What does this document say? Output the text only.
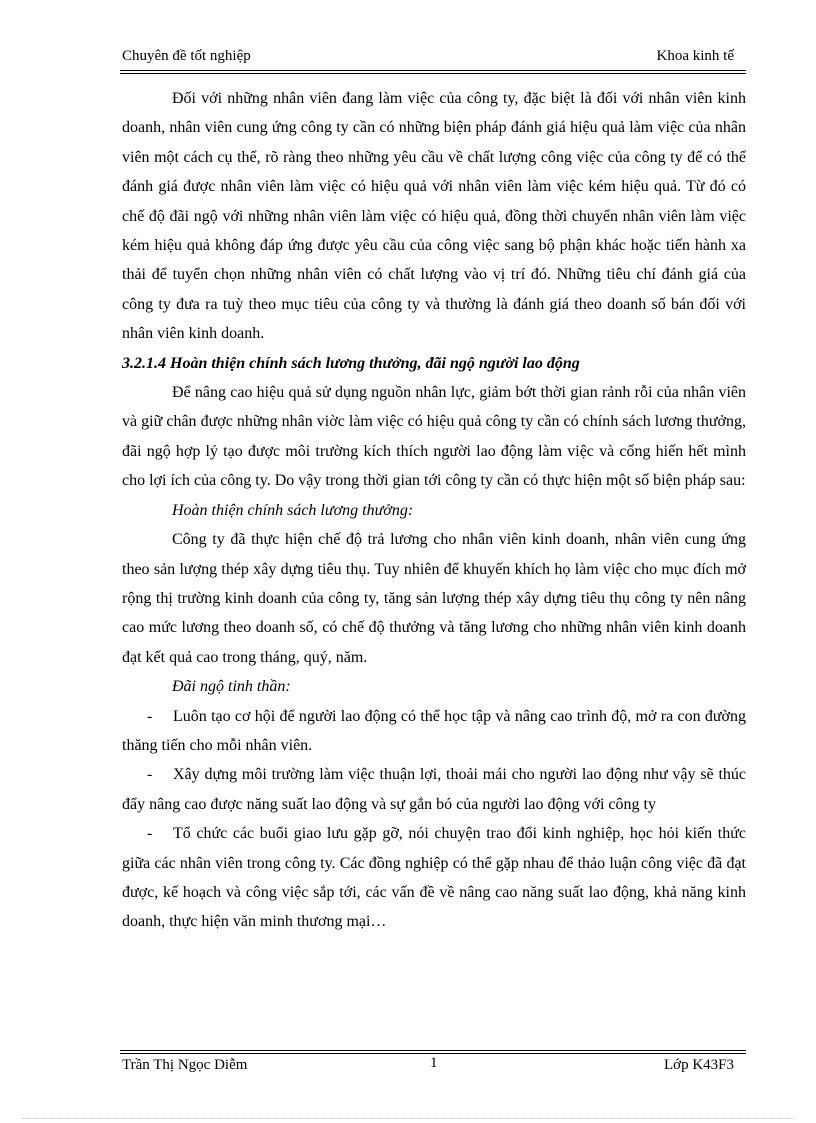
Chuyên đề tốt nghiệp	Khoa kinh tế

Đối với những nhân viên đang làm việc của công ty, đặc biệt là đối với nhân viên kinh doanh, nhân viên cung ứng công ty cần có những biện pháp đánh giá hiệu quả làm việc của nhân viên một cách cụ thể, rõ ràng theo những yêu cầu về chất lượng công việc của công ty để có thể đánh giá được nhân viên làm việc có hiệu quả với nhân viên làm việc kém hiệu quả. Từ đó có chế độ đãi ngộ với những nhân viên làm việc có hiệu quả, đồng thời chuyển nhân viên làm việc kém hiệu quả không đáp ứng được yêu cầu của công việc sang bộ phận khác hoặc tiến hành xa thải để tuyển chọn những nhân viên có chất lượng vào vị trí đó. Những tiêu chí đánh giá của công ty đưa ra tuỳ theo mục tiêu của công ty và thường là đánh giá theo doanh số bán đối với nhân viên kinh doanh.

3.2.1.4 Hoàn thiện chính sách lương thưởng, đãi ngộ người lao động

Để nâng cao hiệu quả sử dụng nguồn nhân lực, giảm bớt thời gian rảnh rỗi của nhân viên và giữ chân được những nhân viờc làm việc có hiệu quả công ty cần có chính sách lương thưởng, đãi ngộ hợp lý tạo được môi trường kích thích người lao động làm việc và cống hiến hết mình cho lợi ích của công ty. Do vậy trong thời gian tới công ty cần có thực hiện một số biện pháp sau:

Hoàn thiện chính sách lương thưởng:

Công ty đã thực hiện chế độ trả lương cho nhân viên kinh doanh, nhân viên cung ứng theo sản lượng thép xây dựng tiêu thụ. Tuy nhiên để khuyến khích họ làm việc cho mục đích mở rộng thị trường kinh doanh của công ty, tăng sản lượng thép xây dựng tiêu thụ công ty nên nâng cao mức lương theo doanh số, có chế độ thưởng và tăng lương cho những nhân viên kinh doanh đạt kết quả cao trong tháng, quý, năm.

Đãi ngộ tinh thần:

- Luôn tạo cơ hội để người lao động có thể học tập và nâng cao trình độ, mở ra con đường thăng tiến cho mỗi nhân viên.

- Xây dựng môi trường làm việc thuận lợi, thoải mái cho người lao động như vậy sẽ thúc đẩy nâng cao được năng suất lao động và sự gắn bó của người lao động với công ty

- Tổ chức các buổi giao lưu gặp gỡ, nói chuyện trao đổi kinh nghiệp, học hỏi kiến thức giữa các nhân viên trong công ty. Các đồng nghiệp có thể gặp nhau để thảo luận công việc đã đạt được, kế hoạch và công việc sắp tới, các vấn đề về nâng cao năng suất lao động, khả năng kinh doanh, thực hiện văn minh thương mại…

Trần Thị Ngọc Diễm	1	Lớp K43F3
